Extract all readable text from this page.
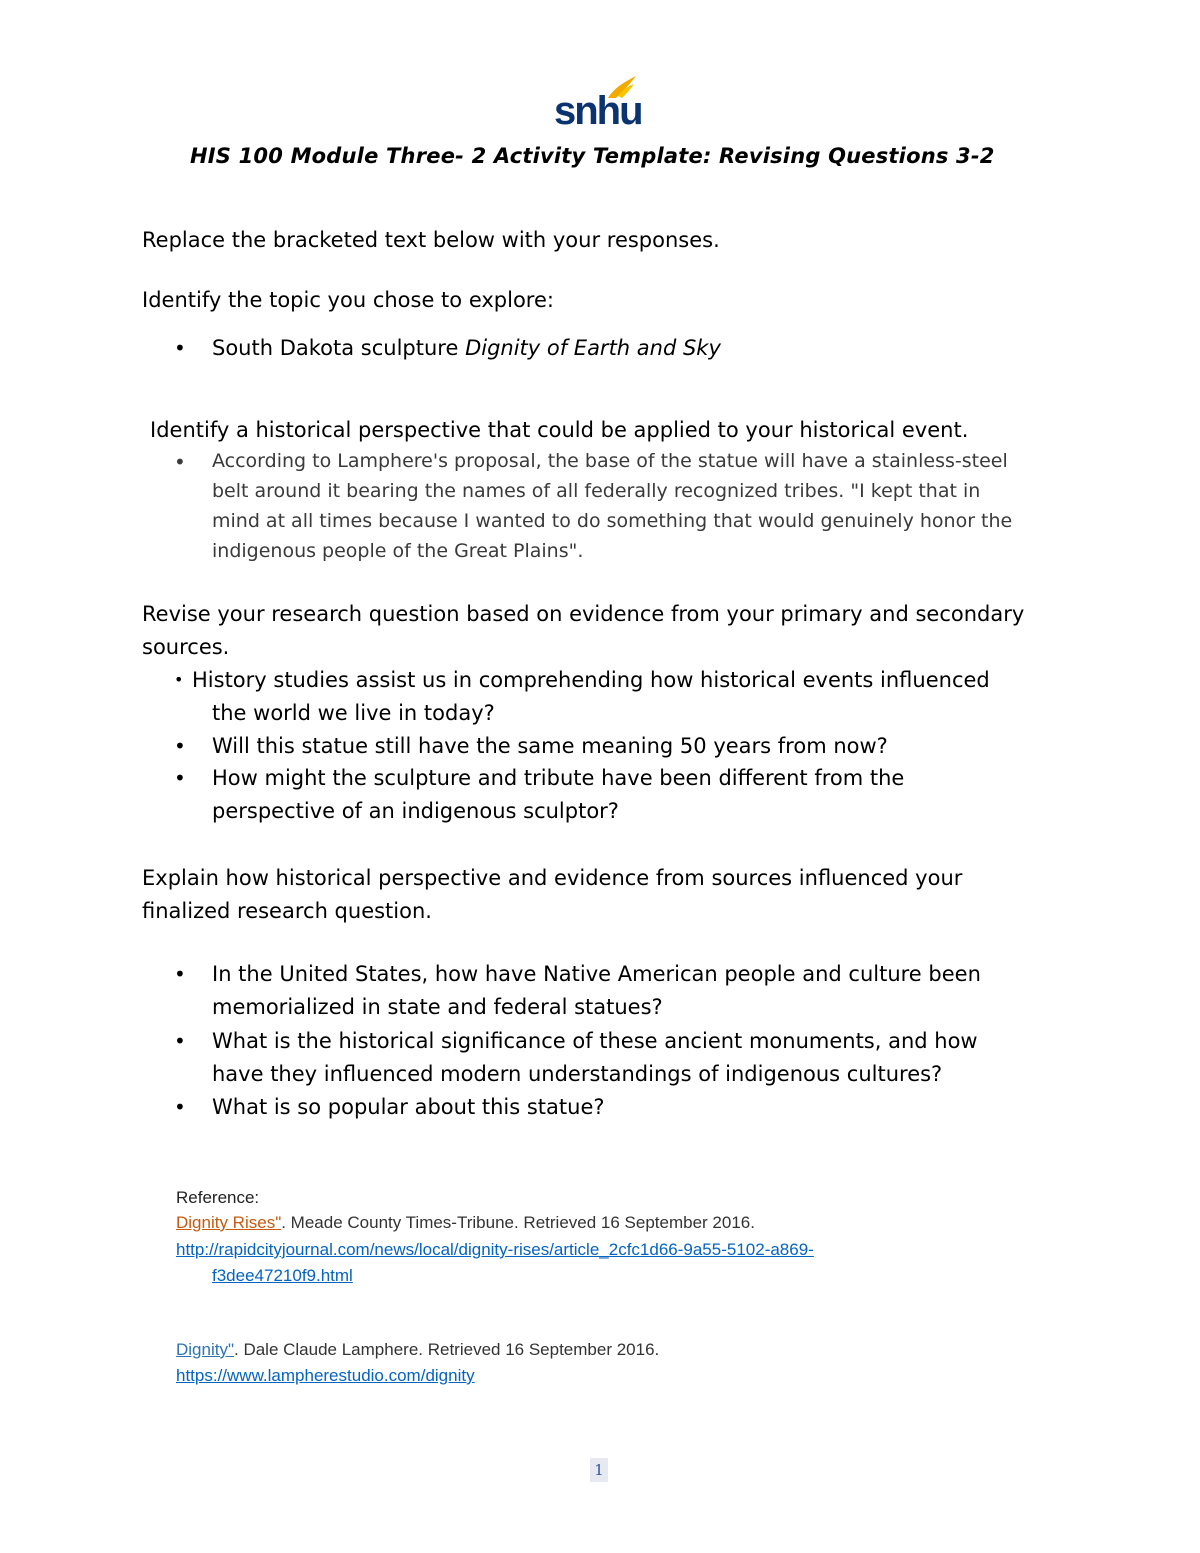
snhu
HIS 100 Module Three- 2 Activity Template: Revising Questions 3-2
Replace the bracketed text below with your responses.
Identify the topic you chose to explore:
• South Dakota sculpture Dignity of Earth and Sky
Identify a historical perspective that could be applied to your historical event.
• According to Lamphere's proposal, the base of the statue will have a stainless-steel
belt around it bearing the names of all federally recognized tribes. "I kept that in
mind at all times because I wanted to do something that would genuinely honor the
indigenous people of the Great Plains".
Revise your research question based on evidence from your primary and secondary
sources.
• History studies assist us in comprehending how historical events influenced
the world we live in today?
• Will this statue still have the same meaning 50 years from now?
• How might the sculpture and tribute have been different from the
perspective of an indigenous sculptor?
Explain how historical perspective and evidence from sources influenced your
finalized research question.
• In the United States, how have Native American people and culture been
memorialized in state and federal statues?
• What is the historical significance of these ancient monuments, and how
have they influenced modern understandings of indigenous cultures?
• What is so popular about this statue?
Reference:
Dignity Rises". Meade County Times-Tribune. Retrieved 16 September 2016.
http://rapidcityjournal.com/news/local/dignity-rises/article_2cfc1d66-9a55-5102-a869-
f3dee47210f9.html
Dignity". Dale Claude Lamphere. Retrieved 16 September 2016.
https://www.lampherestudio.com/dignity
1
